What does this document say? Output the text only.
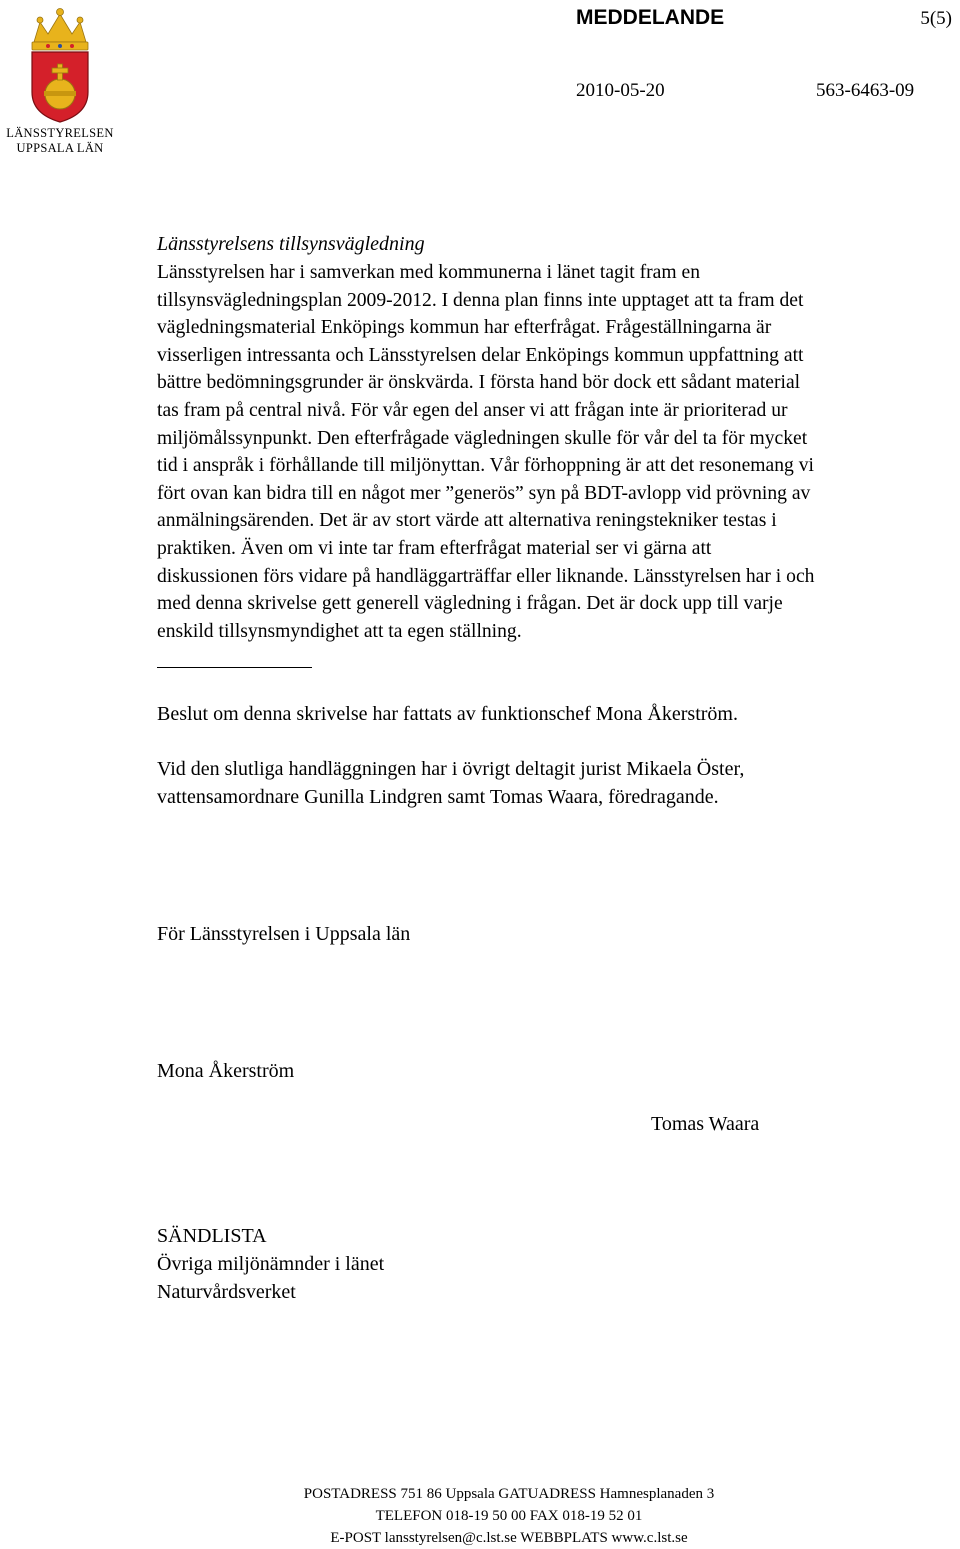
LÄNSSTYRELSEN
UPPSALA LÄN
MEDDELANDE	5(5)
2010-05-20	563-6463-09
Länsstyrelsens tillsynsvägledning
Länsstyrelsen har i samverkan med kommunerna i länet tagit fram en
tillsynsvägledningsplan 2009-2012. I denna plan finns inte upptaget att ta fram det
vägledningsmaterial Enköpings kommun har efterfrågat. Frågeställningarna är
visserligen intressanta och Länsstyrelsen delar Enköpings kommun uppfattning att
bättre bedömningsgrunder är önskvärda. I första hand bör dock ett sådant material
tas fram på central nivå. För vår egen del anser vi att frågan inte är prioriterad ur
miljömålssynpunkt. Den efterfrågade vägledningen skulle för vår del ta för mycket
tid i anspråk i förhållande till miljönyttan. Vår förhoppning är att det resonemang vi
fört ovan kan bidra till en något mer ”generös” syn på BDT-avlopp vid prövning av
anmälningsärenden. Det är av stort värde att alternativa reningstekniker testas i
praktiken. Även om vi inte tar fram efterfrågat material ser vi gärna att
diskussionen förs vidare på handläggarträffar eller liknande. Länsstyrelsen har i och
med denna skrivelse gett generell vägledning i frågan. Det är dock upp till varje
enskild tillsynsmyndighet att ta egen ställning.
Beslut om denna skrivelse har fattats av funktionschef Mona Åkerström.
Vid den slutliga handläggningen har i övrigt deltagit jurist Mikaela Öster,
vattensamordnare Gunilla Lindgren samt Tomas Waara, föredragande.
För Länsstyrelsen i Uppsala län
Mona Åkerström
Tomas Waara
SÄNDLISTA
Övriga miljönämnder i länet
Naturvårdsverket
POSTADRESS 751 86 Uppsala GATUADRESS Hamnesplanaden 3
TELEFON 018-19 50 00 FAX 018-19 52 01
E-POST lansstyrelsen@c.lst.se WEBBPLATS www.c.lst.se
